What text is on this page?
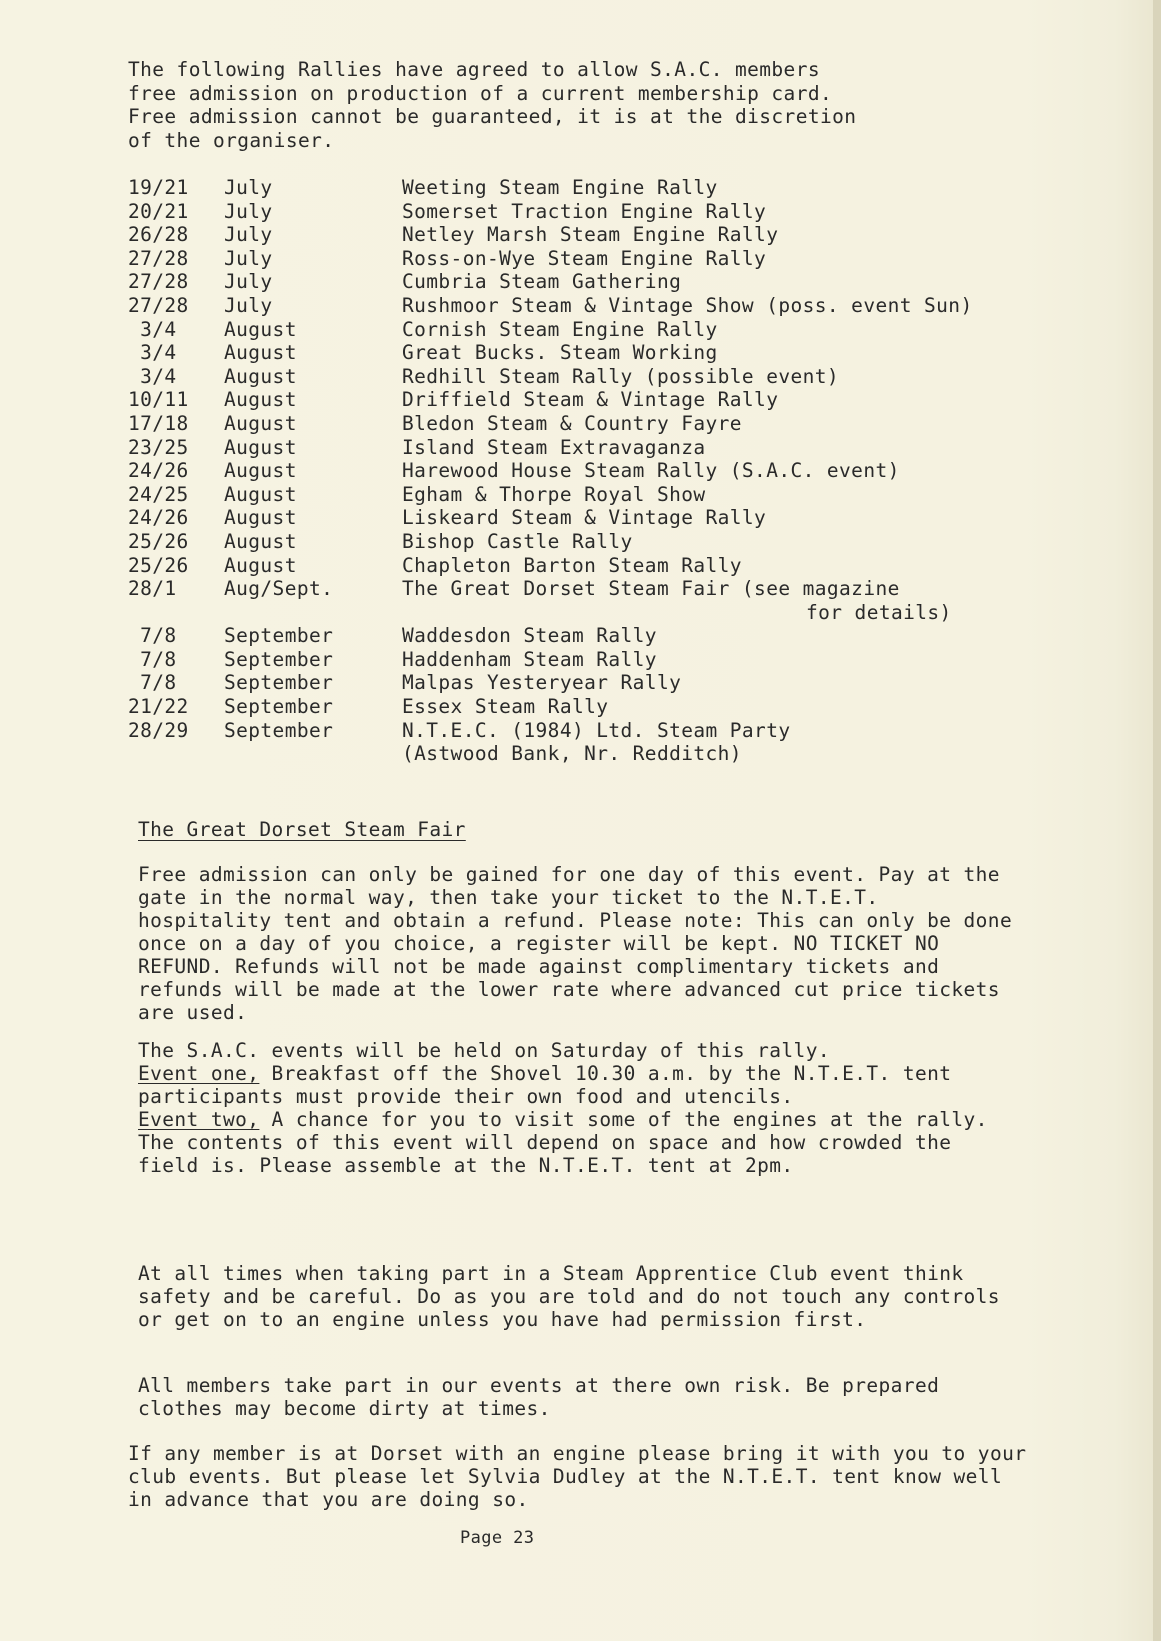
The following Rallies have agreed to allow S.A.C. members
free admission on production of a current membership card.
Free admission cannot be guaranteed, it is at the discretion
of the organiser.

19/21	July	Weeting Steam Engine Rally
20/21	July	Somerset Traction Engine Rally
26/28	July	Netley Marsh Steam Engine Rally
27/28	July	Ross-on-Wye Steam Engine Rally
27/28	July	Cumbria Steam Gathering
27/28	July	Rushmoor Steam & Vintage Show (poss. event Sun)
3/4	August	Cornish Steam Engine Rally
3/4	August	Great Bucks. Steam Working
3/4	August	Redhill Steam Rally (possible event)
10/11	August	Driffield Steam & Vintage Rally
17/18	August	Bledon Steam & Country Fayre
23/25	August	Island Steam Extravaganza
24/26	August	Harewood House Steam Rally (S.A.C. event)
24/25	August	Egham & Thorpe Royal Show
24/26	August	Liskeard Steam & Vintage Rally
25/26	August	Bishop Castle Rally
25/26	August	Chapleton Barton Steam Rally
28/1	Aug/Sept.	The Great Dorset Steam Fair (see magazine
for details)
7/8	September	Waddesdon Steam Rally
7/8	September	Haddenham Steam Rally
7/8	September	Malpas Yesteryear Rally
21/22	September	Essex Steam Rally
28/29	September	N.T.E.C. (1984) Ltd. Steam Party
(Astwood Bank, Nr. Redditch)

The Great Dorset Steam Fair

Free admission can only be gained for one day of this event. Pay at the gate in the normal way, then take your ticket to the N.T.E.T. hospitality tent and obtain a refund. Please note: This can only be done once on a day of you choice, a register will be kept. NO TICKET NO REFUND. Refunds will not be made against complimentary tickets and refunds will be made at the lower rate where advanced cut price tickets are used.

The S.A.C. events will be held on Saturday of this rally.

Event one, Breakfast off the Shovel 10.30 a.m. by the N.T.E.T. tent participants must provide their own food and utencils.

Event two, A chance for you to visit some of the engines at the rally. The contents of this event will depend on space and how crowded the field is. Please assemble at the N.T.E.T. tent at 2pm.

At all times when taking part in a Steam Apprentice Club event think safety and be careful. Do as you are told and do not touch any controls or get on to an engine unless you have had permission first.

All members take part in our events at there own risk. Be prepared clothes may become dirty at times.

If any member is at Dorset with an engine please bring it with you to your club events. But please let Sylvia Dudley at the N.T.E.T. tent know well in advance that you are doing so.

Page 23
